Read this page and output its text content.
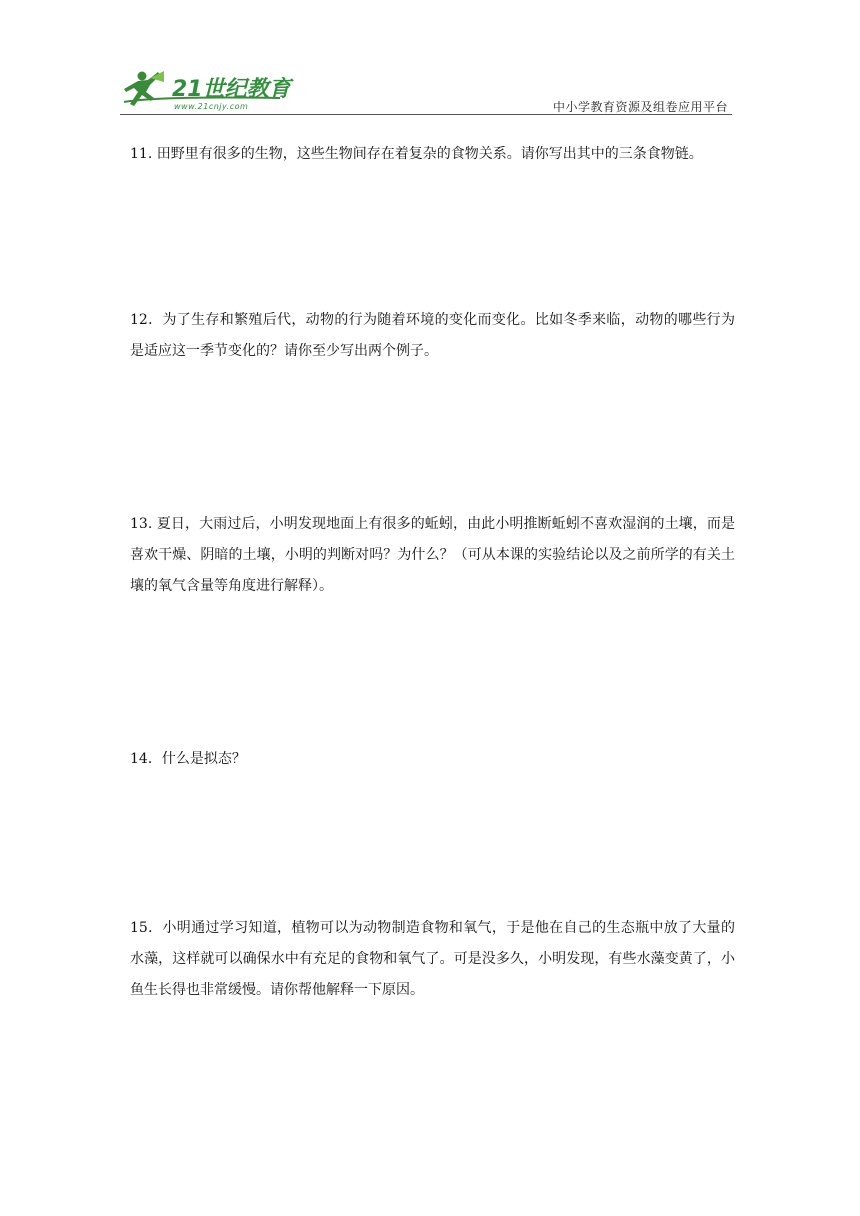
21世纪教育
www.21cnjy.com	中小学教育资源及组卷应用平台
11. 田野里有很多的生物，这些生物间存在着复杂的食物关系。请你写出其中的三条食物链。
12．为了生存和繁殖后代，动物的行为随着环境的变化而变化。比如冬季来临，动物的哪些行为是适应这一季节变化的？请你至少写出两个例子。
13. 夏日，大雨过后，小明发现地面上有很多的蚯蚓，由此小明推断蚯蚓不喜欢湿润的土壤，而是喜欢干燥、阴暗的土壤，小明的判断对吗？为什么？（可从本课的实验结论以及之前所学的有关土壤的氧气含量等角度进行解释）。
14．什么是拟态？
15．小明通过学习知道，植物可以为动物制造食物和氧气，于是他在自己的生态瓶中放了大量的水藻，这样就可以确保水中有充足的食物和氧气了。可是没多久，小明发现，有些水藻变黄了，小鱼生长得也非常缓慢。请你帮他解释一下原因。
